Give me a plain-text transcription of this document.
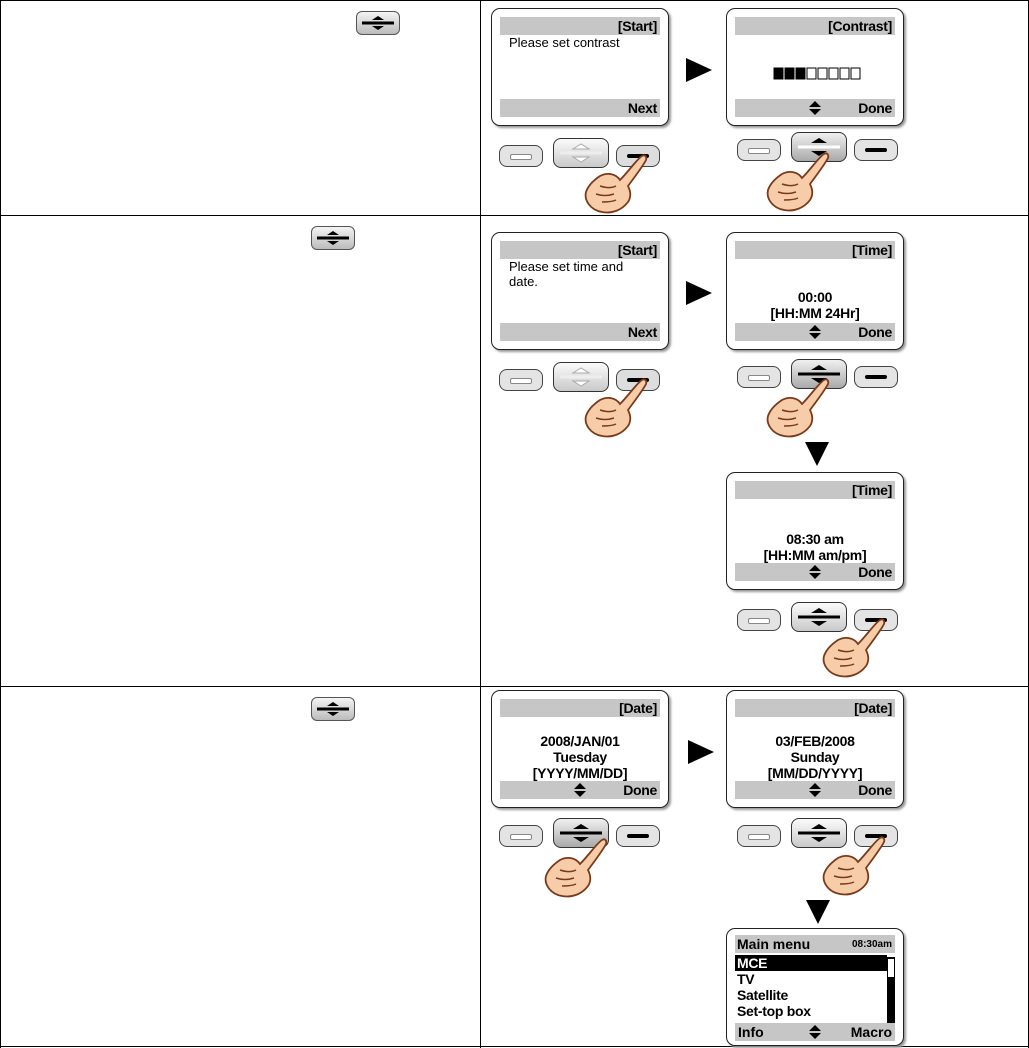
[Start]
Please set contrast
Next
[Contrast]
Done
[Start]
Please set time and date.
Next
[Time]
00:00
[HH:MM 24Hr]
Done
[Time]
08:30 am
[HH:MM am/pm]
Done
[Date]
2008/JAN/01
Tuesday
[YYYY/MM/DD]
Done
[Date]
03/FEB/2008
Sunday
[MM/DD/YYYY]
Done
Main menu	08:30am
MCE
TV
Satellite
Set-top box
Info	Macro
